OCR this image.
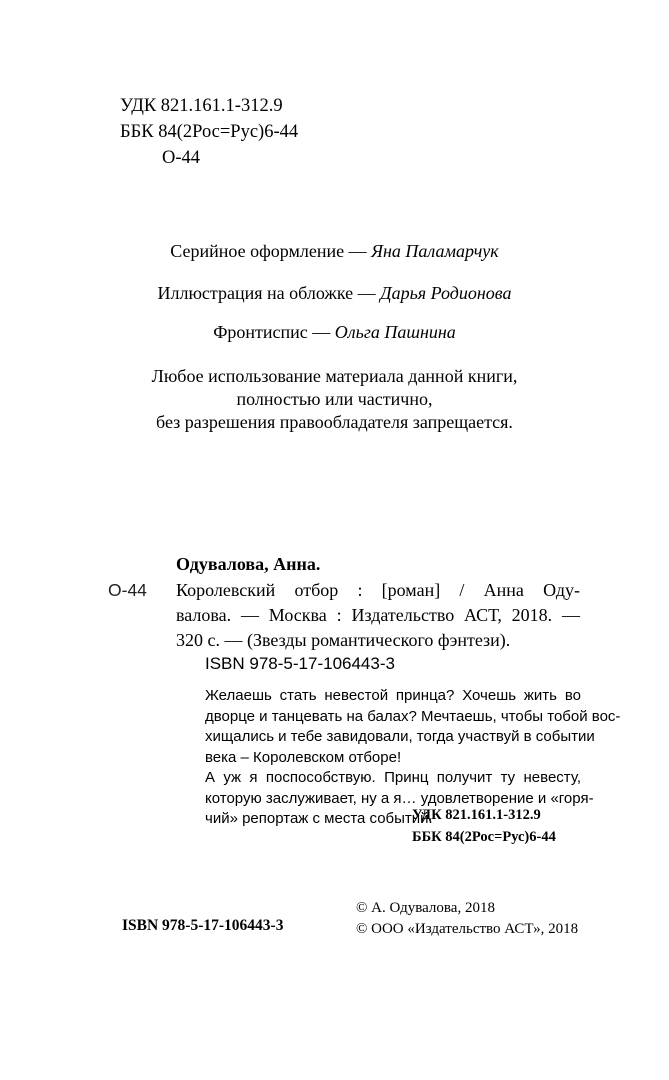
УДК 821.161.1-312.9
ББК 84(2Рос=Рус)6-44
О-44
Серийное оформление — Яна Паламарчук
Иллюстрация на обложке — Дарья Родионова
Фронтиспис — Ольга Пашнина
Любое использование материала данной книги,
полностью или частично,
без разрешения правообладателя запрещается.
Одувалова, Анна.
О-44 Королевский отбор : [роман] / Анна Оду-
валова. — Москва : Издательство АСТ, 2018. —
320 с. — (Звезды романтического фэнтези).
ISBN 978-5-17-106443-3
Желаешь стать невестой принца? Хочешь жить во
дворце и танцевать на балах? Мечтаешь, чтобы тобой вос-
хищались и тебе завидовали, тогда участвуй в событии
века – Королевском отборе!
А уж я поспособствую. Принц получит ту невесту,
которую заслуживает, ну а я… удовлетворение и «горя-
чий» репортаж с места событий.
УДК 821.161.1-312.9
ББК 84(2Рос=Рус)6-44
ISBN 978-5-17-106443-3
© А. Одувалова, 2018
© ООО «Издательство АСТ», 2018
